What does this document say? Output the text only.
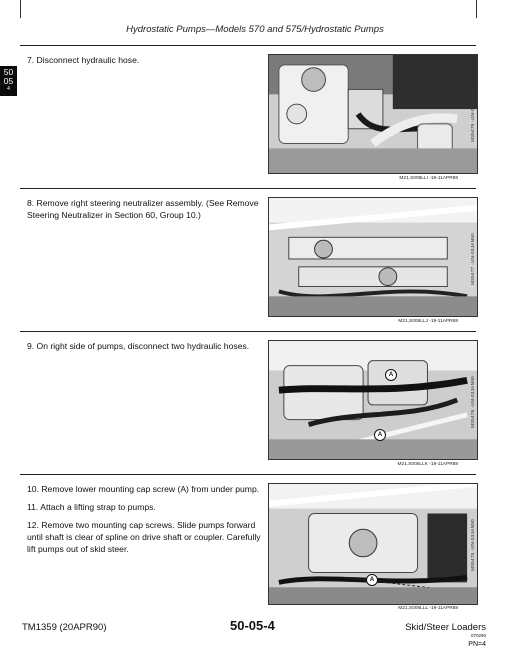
Hydrostatic Pumps—Models 570 and 575/Hydrostatic Pumps
50
05
4

7. Disconnect hydraulic hose.

M35478 -UN-03JAN90
M21,S005LLI -19-11APR88

8. Remove right steering neutralizer assembly. (See Remove Steering Neutralizer in Section 60, Group 10.)

M35477 -UN-03JAN90
M21,S005LLJ -19-11APR88

9. On right side of pumps, disconnect two hydraulic hoses.

A
A
M35476 -UN-03JAN90
M21,S005LLK -19-11APR88

10. Remove lower mounting cap screw (A) from under pump.

11. Attach a lifting strap to pumps.

12. Remove two mounting cap screws. Slide pumps forward until shaft is clear of spline on drive shaft or coupler. Carefully lift pumps out of skid steer.

A
M35475 -UN-03JAN90
M21,S005LLL -19-11APR88
TM1359 (20APR90)	50-05-4	Skid/Steer Loaders
070290
PN=4
